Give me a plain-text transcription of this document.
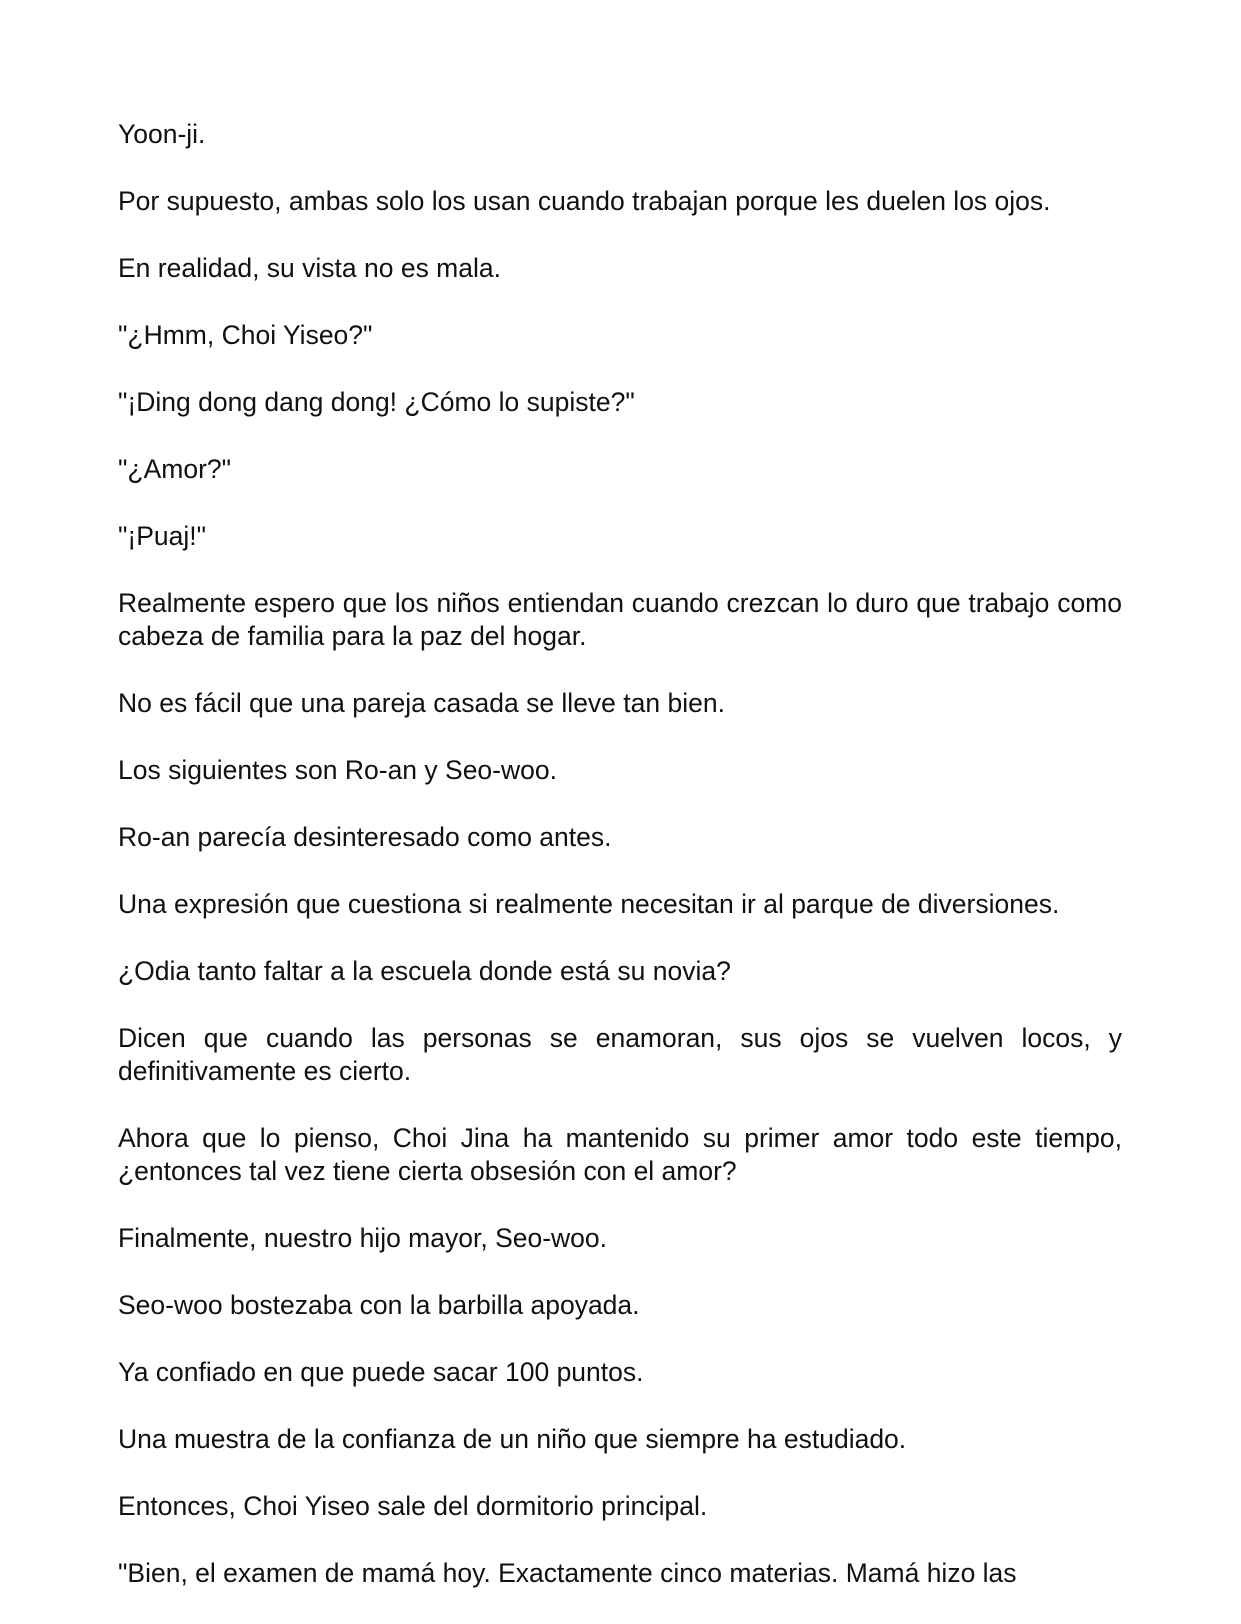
Yoon-ji.

Por supuesto, ambas solo los usan cuando trabajan porque les duelen los ojos.

En realidad, su vista no es mala.

"¿Hmm, Choi Yiseo?"

"¡Ding dong dang dong! ¿Cómo lo supiste?"

"¿Amor?"

"¡Puaj!"

Realmente espero que los niños entiendan cuando crezcan lo duro que trabajo como cabeza de familia para la paz del hogar.

No es fácil que una pareja casada se lleve tan bien.

Los siguientes son Ro-an y Seo-woo.

Ro-an parecía desinteresado como antes.

Una expresión que cuestiona si realmente necesitan ir al parque de diversiones.

¿Odia tanto faltar a la escuela donde está su novia?

Dicen que cuando las personas se enamoran, sus ojos se vuelven locos, y definitivamente es cierto.

Ahora que lo pienso, Choi Jina ha mantenido su primer amor todo este tiempo, ¿entonces tal vez tiene cierta obsesión con el amor?

Finalmente, nuestro hijo mayor, Seo-woo.

Seo-woo bostezaba con la barbilla apoyada.

Ya confiado en que puede sacar 100 puntos.

Una muestra de la confianza de un niño que siempre ha estudiado.

Entonces, Choi Yiseo sale del dormitorio principal.

"Bien, el examen de mamá hoy. Exactamente cinco materias. Mamá hizo las
